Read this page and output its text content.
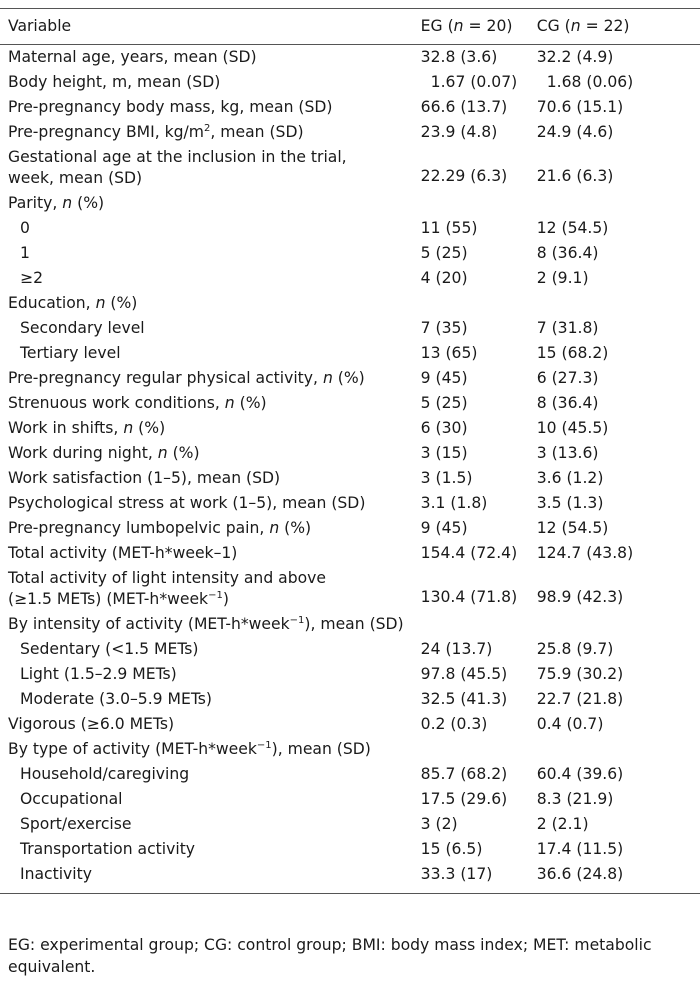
Variable	EG (n = 20)	CG (n = 22)
Maternal age, years, mean (SD)	32.8 (3.6)	32.2 (4.9)
Body height, m, mean (SD)	1.67 (0.07)	1.68 (0.06)
Pre-pregnancy body mass, kg, mean (SD)	66.6 (13.7)	70.6 (15.1)
Pre-pregnancy BMI, $kg/m^2$, mean (SD)	23.9 (4.8)	24.9 (4.6)
Gestational age at the inclusion in the trial,
week, mean (SD)	22.29 (6.3)	21.6 (6.3)
Parity, n (%)		
0	11 (55)	12 (54.5)
1	5 (25)	8 (36.4)
≥2	4 (20)	2 (9.1)
Education, n (%)		
Secondary level	7 (35)	7 (31.8)
Tertiary level	13 (65)	15 (68.2)
Pre-pregnancy regular physical activity, n (%)	9 (45)	6 (27.3)
Strenuous work conditions, n (%)	5 (25)	8 (36.4)
Work in shifts, n (%)	6 (30)	10 (45.5)
Work during night, n (%)	3 (15)	3 (13.6)
Work satisfaction (1–5), mean (SD)	3 (1.5)	3.6 (1.2)
Psychological stress at work (1–5), mean (SD)	3.1 (1.8)	3.5 (1.3)
Pre-pregnancy lumbopelvic pain, n (%)	9 (45)	12 (54.5)
Total activity (MET-h*week–1)	154.4 (72.4)	124.7 (43.8)
Total activity of light intensity and above
(≥1.5 METs) (MET-h*week$^{-1}$)	130.4 (71.8)	98.9 (42.3)
By intensity of activity (MET-h*week$^{-1}$), mean (SD)		
Sedentary (<1.5 METs)	24 (13.7)	25.8 (9.7)
Light (1.5–2.9 METs)	97.8 (45.5)	75.9 (30.2)
Moderate (3.0–5.9 METs)	32.5 (41.3)	22.7 (21.8)
Vigorous (≥6.0 METs)	0.2 (0.3)	0.4 (0.7)
By type of activity (MET-h*week$^{-1}$), mean (SD)		
Household/caregiving	85.7 (68.2)	60.4 (39.6)
Occupational	17.5 (29.6)	8.3 (21.9)
Sport/exercise	3 (2)	2 (2.1)
Transportation activity	15 (6.5)	17.4 (11.5)
Inactivity	33.3 (17)	36.6 (24.8)
EG: experimental group; CG: control group; BMI: body mass index; MET: metabolic equivalent.
